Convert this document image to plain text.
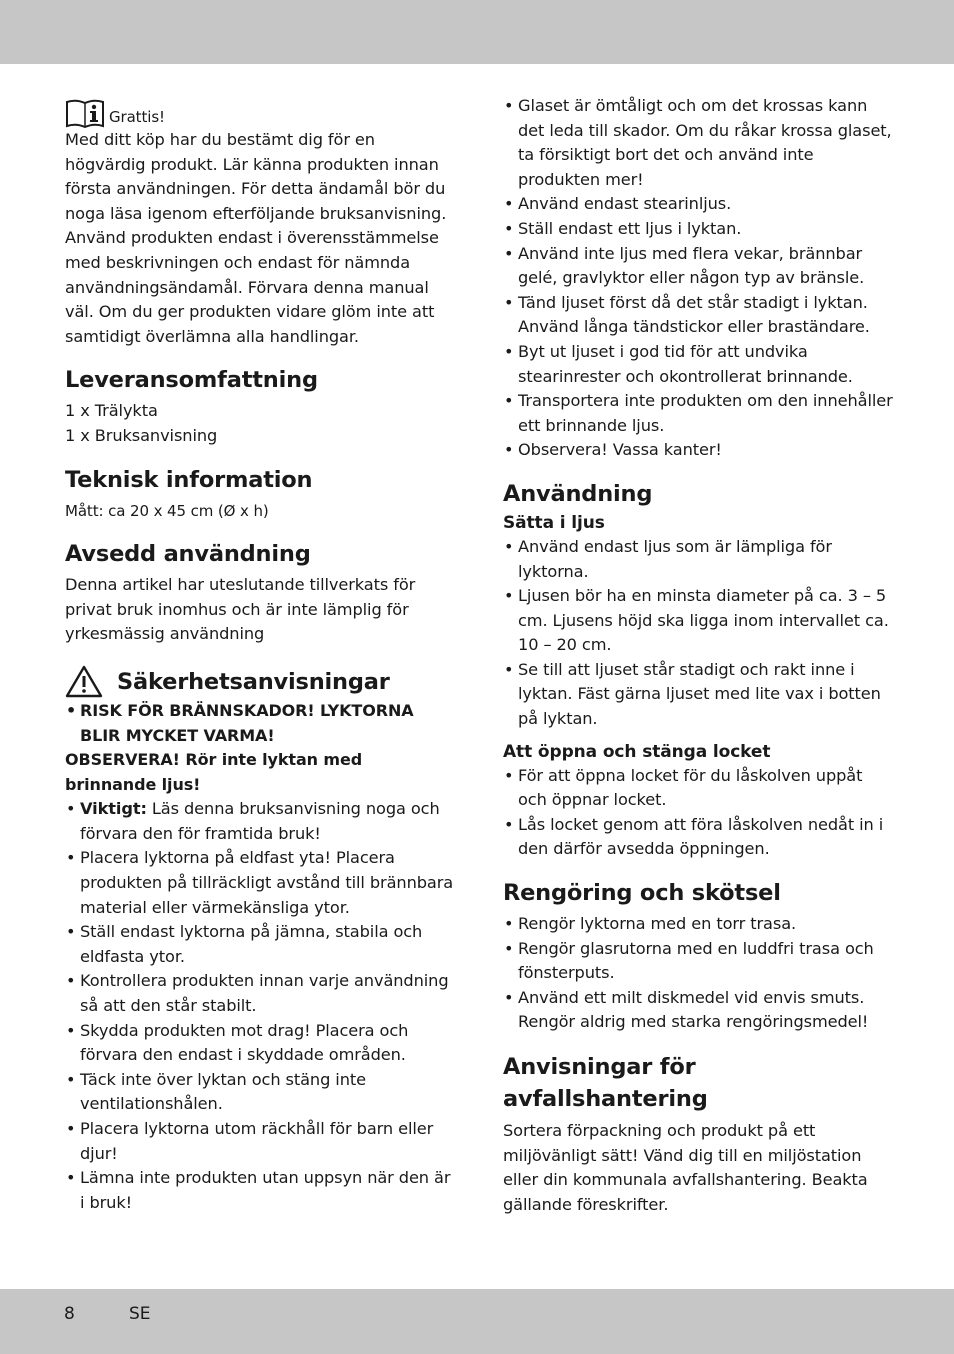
Grattis!

Med ditt köp har du bestämt dig för en högvärdig produkt. Lär känna produkten innan första användningen. För detta ändamål bör du noga läsa igenom efterföljande bruksanvisning. Använd produkten endast i överensstämmelse med beskrivningen och endast för nämnda användningsändamål. Förvara denna manual väl. Om du ger produkten vidare glöm inte att samtidigt överlämna alla handlingar.

Leveransomfattning

1 x Trälykta

1 x Bruksanvisning

Teknisk information

Mått: ca 20 x 45 cm (Ø x h)

Avsedd användning

Denna artikel har uteslutande tillverkats för privat bruk inomhus och är inte lämplig för yrkesmässig användning

Säkerhetsanvisningar
• RISK FÖR BRÄNNSKADOR! LYKTORNA BLIR MYCKET VARMA!

OBSERVERA! Rör inte lyktan med brinnande ljus!

• Viktigt: Läs denna bruksanvisning noga och förvara den för framtida bruk!
• Placera lyktorna på eldfast yta! Placera produkten på tillräckligt avstånd till brännbara material eller värmekänsliga ytor.
• Ställ endast lyktorna på jämna, stabila och eldfasta ytor.
• Kontrollera produkten innan varje användning så att den står stabilt.
• Skydda produkten mot drag! Placera och förvara den endast i skyddade områden.
• Täck inte över lyktan och stäng inte ventilationshålen.
• Placera lyktorna utom räckhåll för barn eller djur!
• Lämna inte produkten utan uppsyn när den är i bruk!
• Glaset är ömtåligt och om det krossas kann det leda till skador. Om du råkar krossa glaset, ta försiktigt bort det och använd inte produkten mer!
• Använd endast stearinljus.
• Ställ endast ett ljus i lyktan.
• Använd inte ljus med flera vekar, brännbar gelé, gravlyktor eller någon typ av bränsle.
• Tänd ljuset först då det står stadigt i lyktan. Använd långa tändstickor eller braständare.
• Byt ut ljuset i god tid för att undvika stearinrester och okontrollerat brinnande.
• Transportera inte produkten om den innehåller ett brinnande ljus.
• Observera! Vassa kanter!
Användning
Sätta i ljus
• Använd endast ljus som är lämpliga för lyktorna.
• Ljusen bör ha en minsta diameter på ca. 3 – 5 cm. Ljusens höjd ska ligga inom intervallet ca. 10 – 20 cm.
• Se till att ljuset står stadigt och rakt inne i lyktan. Fäst gärna ljuset med lite vax i botten på lyktan.
Att öppna och stänga locket
• För att öppna locket för du låskolven uppåt och öppnar locket.
• Lås locket genom att föra låskolven nedåt in i den därför avsedda öppningen.
Rengöring och skötsel
• Rengör lyktorna med en torr trasa.
• Rengör glasrutorna med en luddfri trasa och fönsterputs.
• Använd ett milt diskmedel vid envis smuts. Rengör aldrig med starka rengöringsmedel!
Anvisningar för avfallshantering

Sortera förpackning och produkt på ett miljövänligt sätt! Vänd dig till en miljöstation eller din kommunala avfallshantering. Beakta gällande föreskrifter.

8	SE
